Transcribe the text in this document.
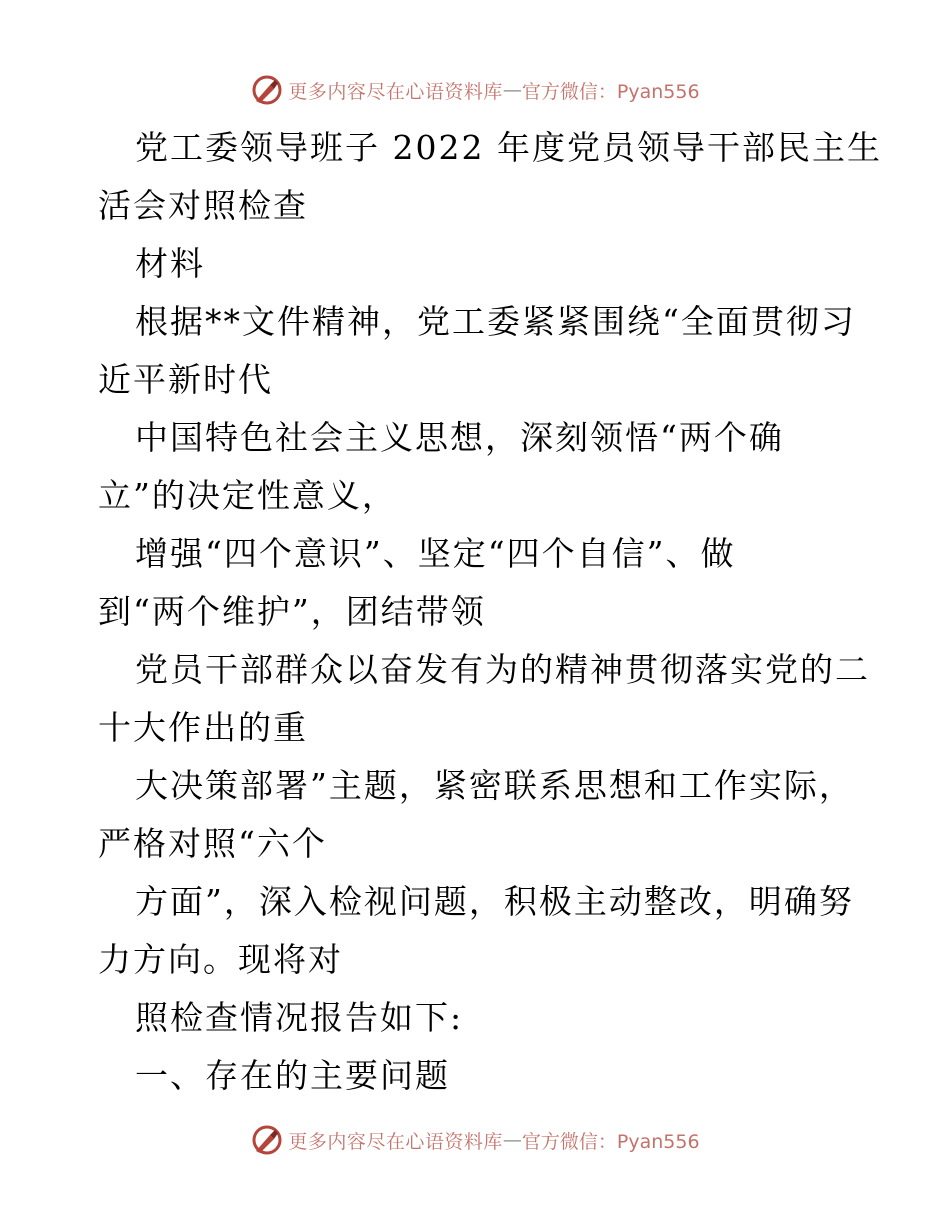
更多内容尽在心语资料库 — 官方微信：Pyan556
党工委领导班子 2022 年度党员领导干部民主生
活会对照检查
材料
根据**文件精神，党工委紧紧围绕“全面贯彻习
近平新时代
中国特色社会主义思想，深刻领悟“两个确
立”的决定性意义，
增强“四个意识”、坚定“四个自信”、做
到“两个维护”，团结带领
党员干部群众以奋发有为的精神贯彻落实党的二
十大作出的重
大决策部署”主题，紧密联系思想和工作实际，
严格对照“六个
方面”，深入检视问题，积极主动整改，明确努
力方向。现将对
照检查情况报告如下:
一、存在的主要问题
更多内容尽在心语资料库 — 官方微信：Pyan556
